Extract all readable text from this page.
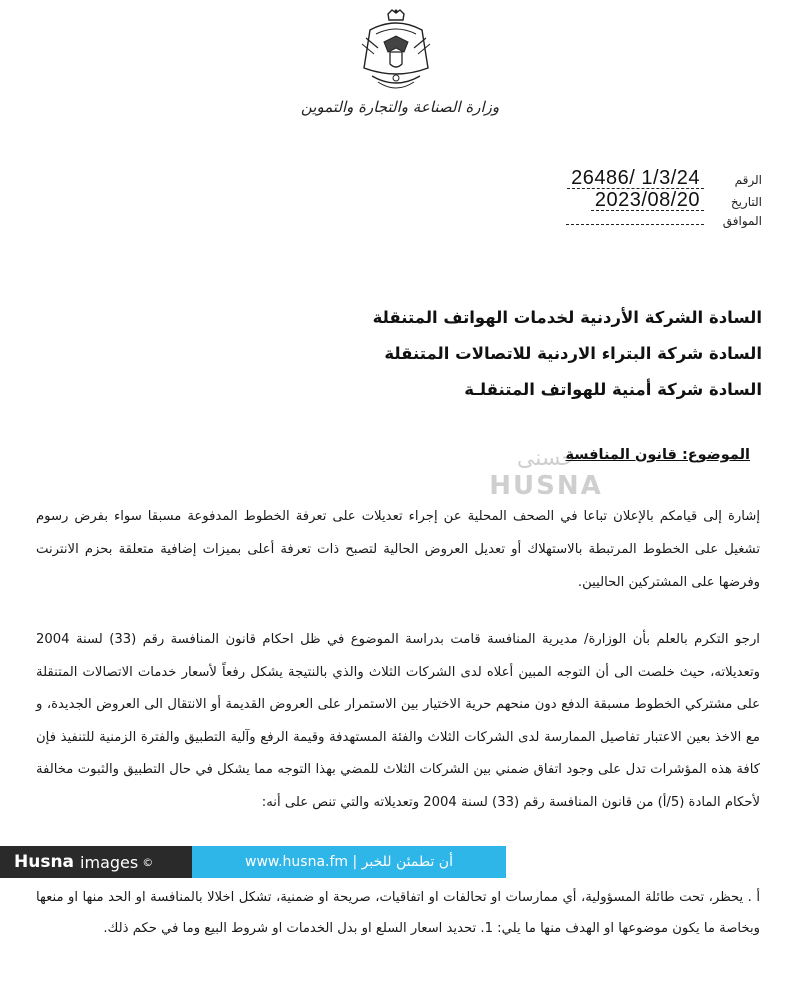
وزارة الصناعة والتجارة والتموين
الرقم
26486/ 1/3/24
التاريخ
2023/08/20
الموافق
السادة الشركة الأردنية لخدمات الهواتف المتنقلة
السادة شركة البتراء الاردنية للاتصالات المتنقلة
السادة شركة أمنية للهواتف المتنقلـة
حسنى
HUSNA
الموضوع: قانون المنافسة
إشارة إلى قيامكم بالإعلان تباعا في الصحف المحلية عن إجراء تعديلات على تعرفة الخطوط المدفوعة مسبقا سواء بفرض رسوم تشغيل على الخطوط المرتبطة بالاستهلاك أو تعديل العروض الحالية لتصبح ذات تعرفة أعلى بميزات إضافية متعلقة بحزم الانترنت وفرضها على المشتركين الحاليين.
ارجو التكرم بالعلم بأن الوزارة/ مديرية المنافسة قامت بدراسة الموضوع في ظل احكام قانون المنافسة رقم (33) لسنة 2004 وتعديلاته، حيث خلصت الى أن التوجه المبين أعلاه لدى الشركات الثلاث والذي بالنتيجة يشكل رفعاً لأسعار خدمات الاتصالات المتنقلة على مشتركي الخطوط مسبقة الدفع دون منحهم حرية الاختيار بين الاستمرار على العروض القديمة أو الانتقال الى العروض الجديدة، و مع الاخذ بعين الاعتبار تفاصيل الممارسة لدى الشركات الثلاث والفئة المستهدفة وقيمة الرفع وآلية التطبيق والفترة الزمنية للتنفيذ فإن كافة هذه المؤشرات تدل على وجود اتفاق ضمني بين الشركات الثلاث للمضي بهذا التوجه مما يشكل في حال التطبيق والثبوت مخالفة لأحكام المادة (5/أ) من قانون المنافسة رقم (33) لسنة 2004 وتعديلاته والتي تنص على أنه:
أ . يحظر، تحت طائلة المسؤولية، أي ممارسات او تحالفات او اتفاقيات، صريحة او ضمنية، تشكل اخلالا بالمنافسة او الحد منها او منعها وبخاصة ما يكون موضوعها او الهدف منها ما يلي: 1. تحديد اسعار السلع او بدل الخدمات او شروط البيع وما في حكم ذلك.
Husna images ©	أن تطمئن للخبر | www.husna.fm
